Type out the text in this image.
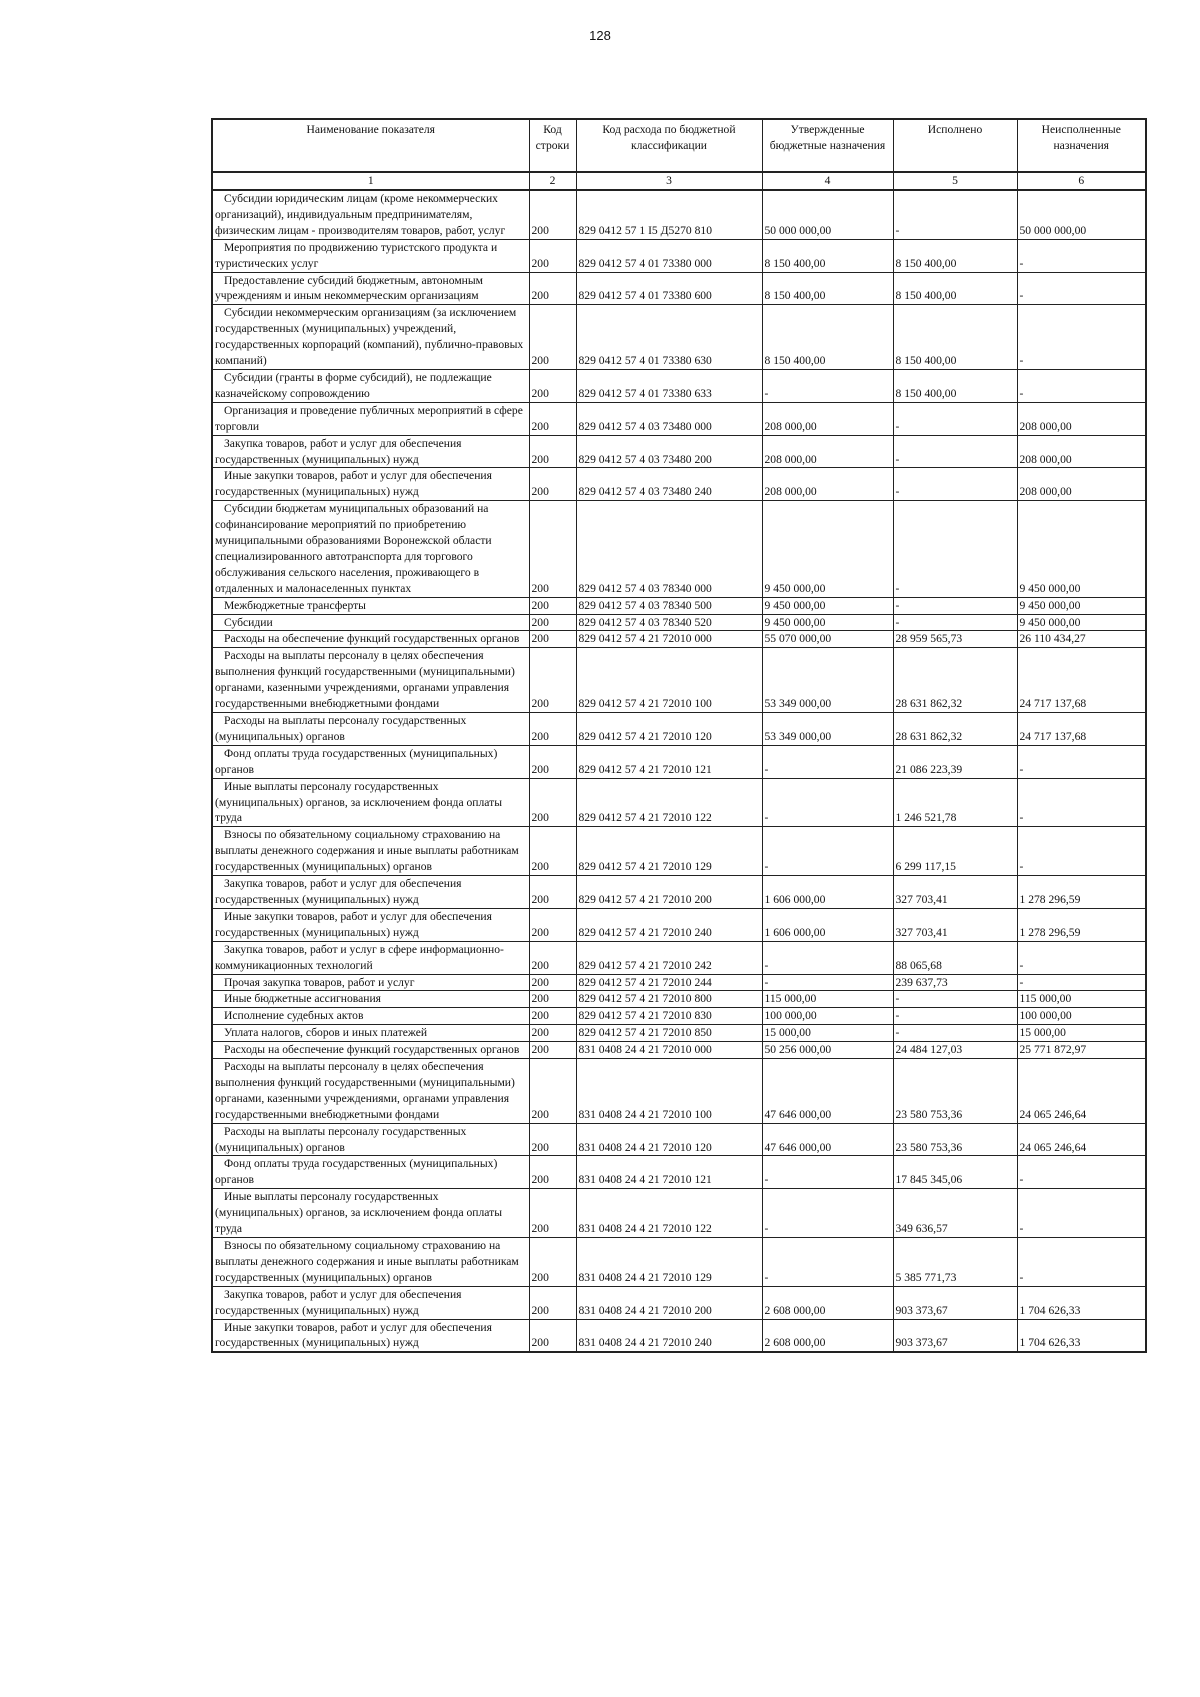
128
Наименование показателя	Код строки	Код расхода по бюджетной классификации	Утвержденные бюджетные назначения	Исполнено	Неисполненные назначения
1	2	3	4	5	6
Субсидии юридическим лицам (кроме некоммерческих организаций), индивидуальным предпринимателям, физическим лицам - производителям товаров, работ, услуг	200	829 0412 57 1 I5 Д5270 810	50 000 000,00	-	50 000 000,00
Мероприятия по продвижению туристского продукта и туристических услуг	200	829 0412 57 4 01 73380 000	8 150 400,00	8 150 400,00	-
Предоставление субсидий бюджетным, автономным учреждениям и иным некоммерческим организациям	200	829 0412 57 4 01 73380 600	8 150 400,00	8 150 400,00	-
Субсидии некоммерческим организациям (за исключением государственных (муниципальных) учреждений, государственных корпораций (компаний), публично-правовых компаний)	200	829 0412 57 4 01 73380 630	8 150 400,00	8 150 400,00	-
Субсидии (гранты в форме субсидий), не подлежащие казначейскому сопровождению	200	829 0412 57 4 01 73380 633	-	8 150 400,00	-
Организация и проведение публичных мероприятий в сфере торговли	200	829 0412 57 4 03 73480 000	208 000,00	-	208 000,00
Закупка товаров, работ и услуг для обеспечения государственных (муниципальных) нужд	200	829 0412 57 4 03 73480 200	208 000,00	-	208 000,00
Иные закупки товаров, работ и услуг для обеспечения государственных (муниципальных) нужд	200	829 0412 57 4 03 73480 240	208 000,00	-	208 000,00
Субсидии бюджетам муниципальных образований на софинансирование мероприятий по приобретению муниципальными образованиями Воронежской области специализированного автотранспорта для торгового обслуживания сельского населения, проживающего в отдаленных и малонаселенных пунктах	200	829 0412 57 4 03 78340 000	9 450 000,00	-	9 450 000,00
Межбюджетные трансферты	200	829 0412 57 4 03 78340 500	9 450 000,00	-	9 450 000,00
Субсидии	200	829 0412 57 4 03 78340 520	9 450 000,00	-	9 450 000,00
Расходы на обеспечение функций государственных органов	200	829 0412 57 4 21 72010 000	55 070 000,00	28 959 565,73	26 110 434,27
Расходы на выплаты персоналу в целях обеспечения выполнения функций государственными (муниципальными) органами, казенными учреждениями, органами управления государственными внебюджетными фондами	200	829 0412 57 4 21 72010 100	53 349 000,00	28 631 862,32	24 717 137,68
Расходы на выплаты персоналу государственных (муниципальных) органов	200	829 0412 57 4 21 72010 120	53 349 000,00	28 631 862,32	24 717 137,68
Фонд оплаты труда государственных (муниципальных) органов	200	829 0412 57 4 21 72010 121	-	21 086 223,39	-
Иные выплаты персоналу государственных (муниципальных) органов, за исключением фонда оплаты труда	200	829 0412 57 4 21 72010 122	-	1 246 521,78	-
Взносы по обязательному социальному страхованию на выплаты денежного содержания и иные выплаты работникам государственных (муниципальных) органов	200	829 0412 57 4 21 72010 129	-	6 299 117,15	-
Закупка товаров, работ и услуг для обеспечения государственных (муниципальных) нужд	200	829 0412 57 4 21 72010 200	1 606 000,00	327 703,41	1 278 296,59
Иные закупки товаров, работ и услуг для обеспечения государственных (муниципальных) нужд	200	829 0412 57 4 21 72010 240	1 606 000,00	327 703,41	1 278 296,59
Закупка товаров, работ и услуг в сфере информационно-коммуникационных технологий	200	829 0412 57 4 21 72010 242	-	88 065,68	-
Прочая закупка товаров, работ и услуг	200	829 0412 57 4 21 72010 244	-	239 637,73	-
Иные бюджетные ассигнования	200	829 0412 57 4 21 72010 800	115 000,00	-	115 000,00
Исполнение судебных актов	200	829 0412 57 4 21 72010 830	100 000,00	-	100 000,00
Уплата налогов, сборов и иных платежей	200	829 0412 57 4 21 72010 850	15 000,00	-	15 000,00
Расходы на обеспечение функций государственных органов	200	831 0408 24 4 21 72010 000	50 256 000,00	24 484 127,03	25 771 872,97
Расходы на выплаты персоналу в целях обеспечения выполнения функций государственными (муниципальными) органами, казенными учреждениями, органами управления государственными внебюджетными фондами	200	831 0408 24 4 21 72010 100	47 646 000,00	23 580 753,36	24 065 246,64
Расходы на выплаты персоналу государственных (муниципальных) органов	200	831 0408 24 4 21 72010 120	47 646 000,00	23 580 753,36	24 065 246,64
Фонд оплаты труда государственных (муниципальных) органов	200	831 0408 24 4 21 72010 121	-	17 845 345,06	-
Иные выплаты персоналу государственных (муниципальных) органов, за исключением фонда оплаты труда	200	831 0408 24 4 21 72010 122	-	349 636,57	-
Взносы по обязательному социальному страхованию на выплаты денежного содержания и иные выплаты работникам государственных (муниципальных) органов	200	831 0408 24 4 21 72010 129	-	5 385 771,73	-
Закупка товаров, работ и услуг для обеспечения государственных (муниципальных) нужд	200	831 0408 24 4 21 72010 200	2 608 000,00	903 373,67	1 704 626,33
Иные закупки товаров, работ и услуг для обеспечения государственных (муниципальных) нужд	200	831 0408 24 4 21 72010 240	2 608 000,00	903 373,67	1 704 626,33
